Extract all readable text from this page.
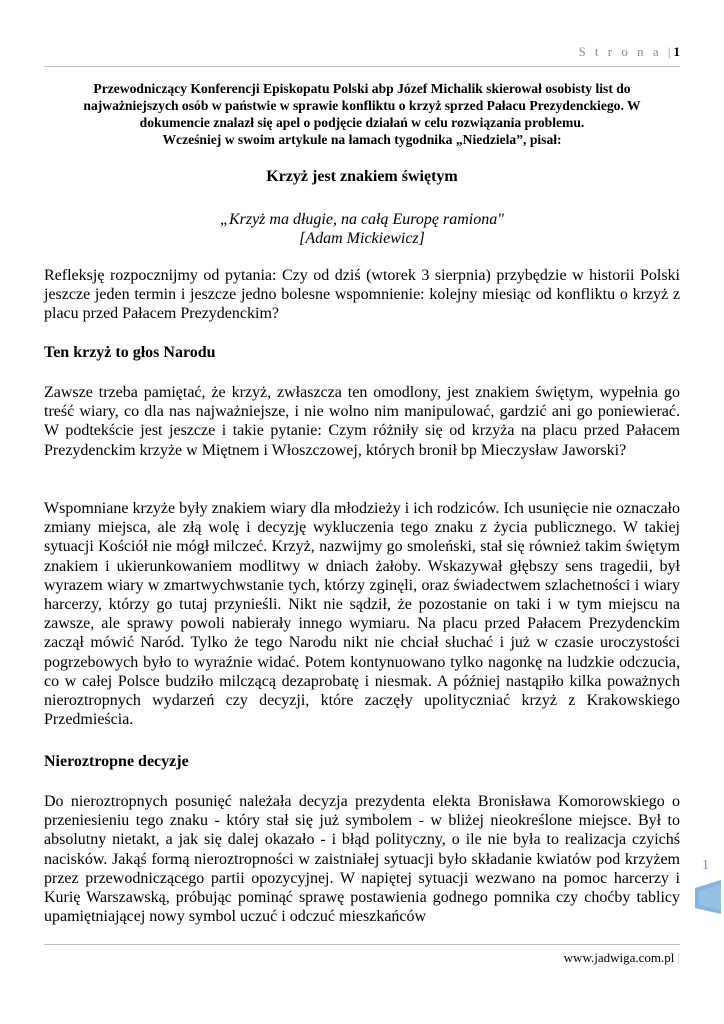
S t r o n a |1
Przewodniczący Konferencji Episkopatu Polski abp Józef Michalik skierował osobisty list do
najważniejszych osób w państwie w sprawie konfliktu o krzyż sprzed Pałacu Prezydenckiego. W
dokumencie znalazł się apel o podjęcie działań w celu rozwiązania problemu.
Wcześniej w swoim artykule na łamach tygodnika „Niedziela”, pisał:
Krzyż jest znakiem świętym
„Krzyż ma długie, na całą Europę ramiona"
[Adam Mickiewicz]
Refleksję rozpocznijmy od pytania: Czy od dziś (wtorek 3 sierpnia) przybędzie w historii Polski jeszcze jeden termin i jeszcze jedno bolesne wspomnienie: kolejny miesiąc od konfliktu o krzyż z placu przed Pałacem Prezydenckim?
Ten krzyż to głos Narodu
Zawsze trzeba pamiętać, że krzyż, zwłaszcza ten omodlony, jest znakiem świętym, wypełnia go treść wiary, co dla nas najważniejsze, i nie wolno nim manipulować, gardzić ani go poniewierać. W podtekście jest jeszcze i takie pytanie: Czym różniły się od krzyża na placu przed Pałacem Prezydenckim krzyże w Miętnem i Włoszczowej, których bronił bp Mieczysław Jaworski?
Wspomniane krzyże były znakiem wiary dla młodzieży i ich rodziców. Ich usunięcie nie oznaczało zmiany miejsca, ale złą wolę i decyzję wykluczenia tego znaku z życia publicznego. W takiej sytuacji Kościół nie mógł milczeć. Krzyż, nazwijmy go smoleński, stał się również takim świętym znakiem i ukierunkowaniem modlitwy w dniach żałoby. Wskazywał głębszy sens tragedii, był wyrazem wiary w zmartwychwstanie tych, którzy zginęli, oraz świadectwem szlachetności i wiary harcerzy, którzy go tutaj przynieśli. Nikt nie sądził, że pozostanie on taki i w tym miejscu na zawsze, ale sprawy powoli nabierały innego wymiaru. Na placu przed Pałacem Prezydenckim zaczął mówić Naród. Tylko że tego Narodu nikt nie chciał słuchać i już w czasie uroczystości pogrzebowych było to wyraźnie widać. Potem kontynuowano tylko nagonkę na ludzkie odczucia, co w całej Polsce budziło milczącą dezaprobatę i niesmak. A później nastąpiło kilka poważnych nieroztropnych wydarzeń czy decyzji, które zaczęły upolityczniać krzyż z Krakowskiego Przedmieścia.
Nieroztropne decyzje
Do nieroztropnych posunięć należała decyzja prezydenta elekta Bronisława Komorowskiego o przeniesieniu tego znaku - który stał się już symbolem - w bliżej nieokreślone miejsce. Był to absolutny nietakt, a jak się dalej okazało - i błąd polityczny, o ile nie była to realizacja czyichś nacisków. Jakąś formą nieroztropności w zaistniałej sytuacji było składanie kwiatów pod krzyżem przez przewodniczącego partii opozycyjnej. W napiętej sytuacji wezwano na pomoc harcerzy i Kurię Warszawską, próbując pominąć sprawę postawienia godnego pomnika czy choćby tablicy upamiętniającej nowy symbol uczuć i odczuć mieszkańców
1
www.jadwiga.com.pl |
